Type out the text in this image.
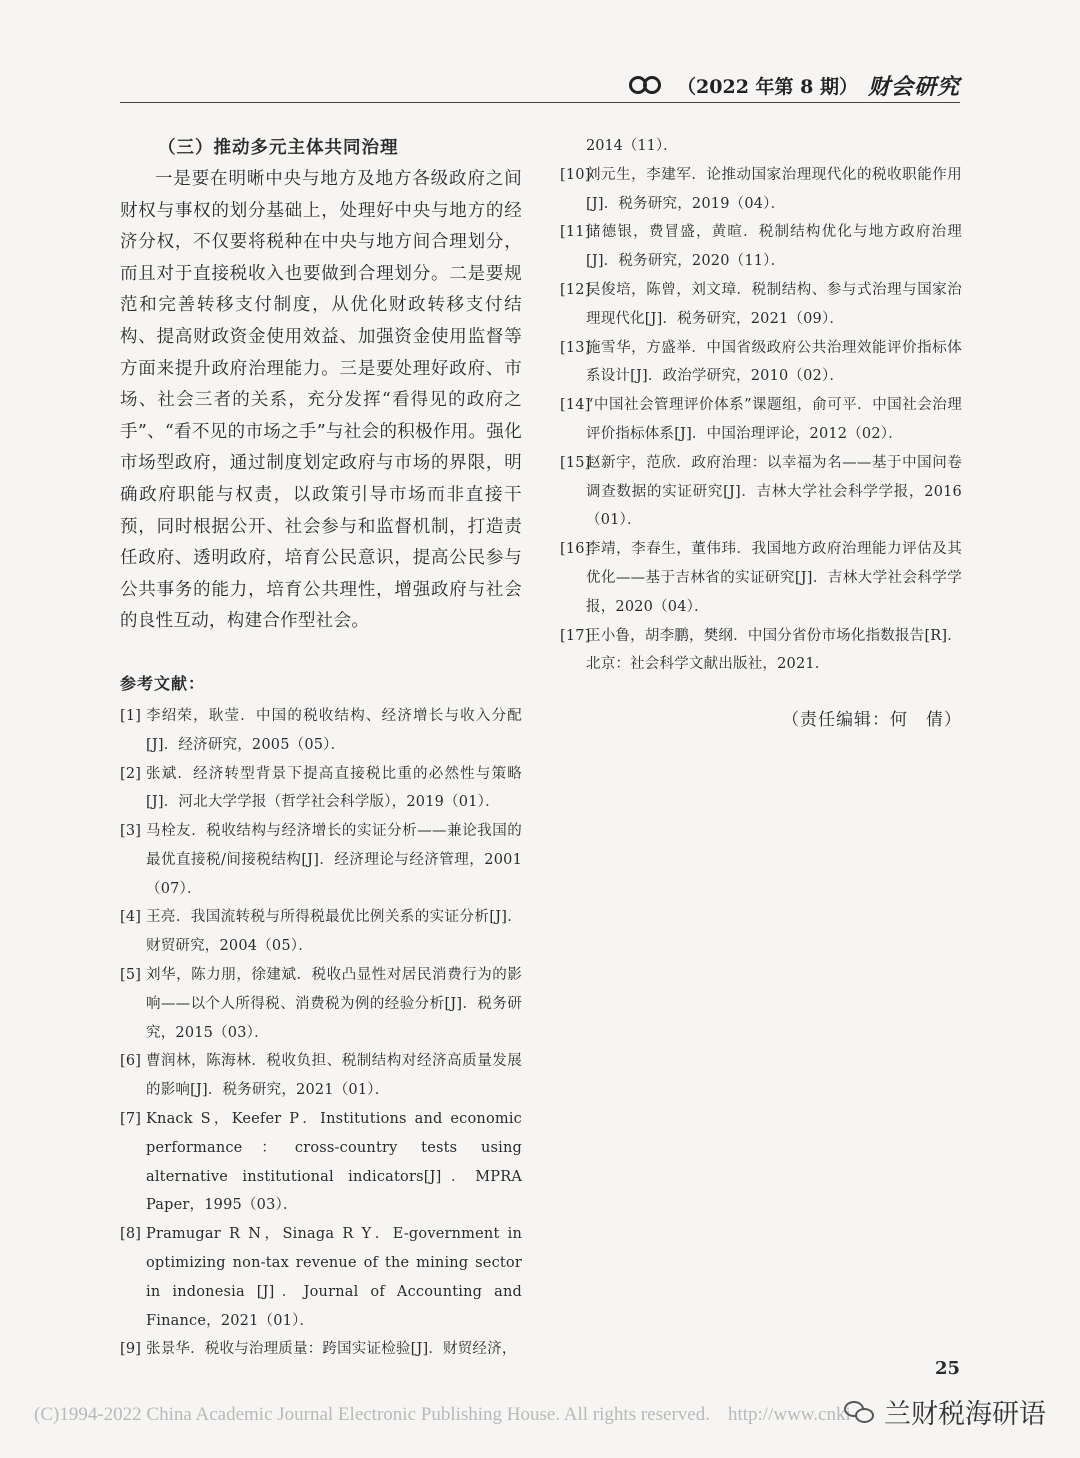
（2022 年第 8 期） 财会研究
（三）推动多元主体共同治理

一是要在明晰中央与地方及地方各级政府之间财权与事权的划分基础上，处理好中央与地方的经济分权，不仅要将税种在中央与地方间合理划分，而且对于直接税收入也要做到合理划分。二是要规范和完善转移支付制度，从优化财政转移支付结构、提高财政资金使用效益、加强资金使用监督等方面来提升政府治理能力。三是要处理好政府、市场、社会三者的关系，充分发挥“看得见的政府之手”、“看不见的市场之手”与社会的积极作用。强化市场型政府，通过制度划定政府与市场的界限，明确政府职能与权责，以政策引导市场而非直接干预，同时根据公开、社会参与和监督机制，打造责任政府、透明政府，培育公民意识，提高公民参与公共事务的能力，培育公共理性，增强政府与社会的良性互动，构建合作型社会。

参考文献：
[1] 李绍荣，耿莹．中国的税收结构、经济增长与收入分配[J]．经济研究，2005（05）．
[2] 张斌．经济转型背景下提高直接税比重的必然性与策略[J]．河北大学学报（哲学社会科学版），2019（01）．
[3] 马栓友．税收结构与经济增长的实证分析——兼论我国的最优直接税/间接税结构[J]．经济理论与经济管理，2001（07）．
[4] 王亮．我国流转税与所得税最优比例关系的实证分析[J]．财贸研究，2004（05）．
[5] 刘华，陈力朋，徐建斌．税收凸显性对居民消费行为的影响——以个人所得税、消费税为例的经验分析[J]．税务研究，2015（03）．
[6] 曹润林，陈海林．税收负担、税制结构对经济高质量发展的影响[J]．税务研究，2021（01）．
[7] Knack S，Keefer P．Institutions and economic performance：cross-country tests using alternative institutional indicators[J]．MPRA Paper，1995（03）．
[8] Pramugar R N，Sinaga R Y．E-government in optimizing non-tax revenue of the mining sector in indonesia [J]．Journal of Accounting and Finance，2021（01）．
[9] 张景华．税收与治理质量：跨国实证检验[J]．财贸经济，

2014（11）．

[10]
刘元生，李建军．论推动国家治理现代化的税收职能作用[J]．税务研究，2019（04）．
[11]
储德银，费冒盛，黄暄．税制结构优化与地方政府治理[J]．税务研究，2020（11）．
[12]
吴俊培，陈曾，刘文璋．税制结构、参与式治理与国家治理现代化[J]．税务研究，2021（09）．
[13]
施雪华，方盛举．中国省级政府公共治理效能评价指标体系设计[J]．政治学研究，2010（02）．
[14]
“中国社会管理评价体系”课题组，俞可平．中国社会治理评价指标体系[J]．中国治理评论，2012（02）．
[15]
赵新宇，范欣．政府治理：以幸福为名——基于中国问卷调查数据的实证研究[J]．吉林大学社会科学学报，2016（01）．
[16]
李靖，李春生，董伟玮．我国地方政府治理能力评估及其优化——基于吉林省的实证研究[J]．吉林大学社会科学学报，2020（04）．
[17]
王小鲁，胡李鹏，樊纲．中国分省份市场化指数报告[R]．北京：社会科学文献出版社，2021．
（责任编辑：何　倩）
25
(C)1994-2022 China Academic Journal Electronic Publishing House. All rights reserved. http://www.cnki 兰财税海研语
